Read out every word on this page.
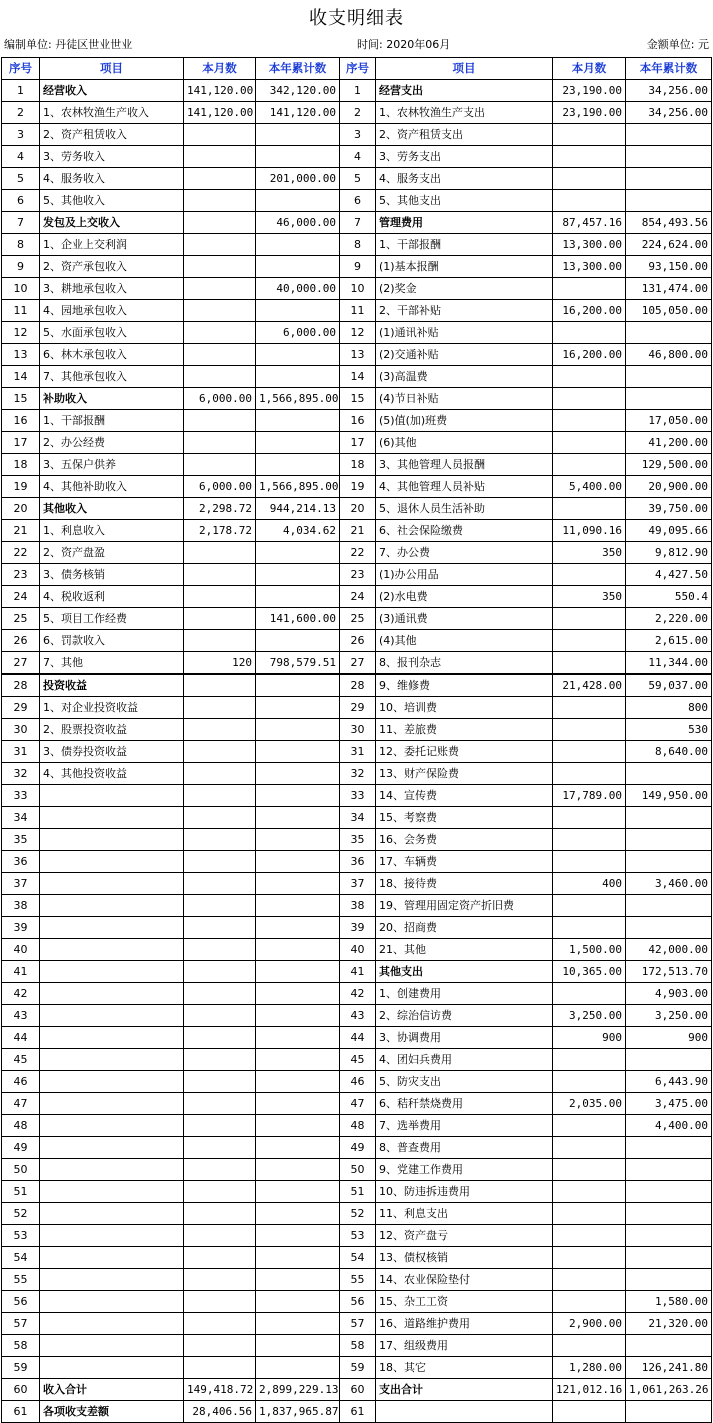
收支明细表
编制单位: 丹徒区世业世业	时间: 2020年06月	金额单位: 元
序号	项目	本月数	本年累计数	序号	项目	本月数	本年累计数
1	经营收入	141,120.00	342,120.00	1	经营支出	23,190.00	34,256.00
2	1、农林牧渔生产收入	141,120.00	141,120.00	2	1、农林牧渔生产支出	23,190.00	34,256.00
3	2、资产租赁收入			3	2、资产租赁支出		
4	3、劳务收入			4	3、劳务支出		
5	4、服务收入		201,000.00	5	4、服务支出		
6	5、其他收入			6	5、其他支出		
7	发包及上交收入		46,000.00	7	管理费用	87,457.16	854,493.56
8	1、企业上交利润			8	1、干部报酬	13,300.00	224,624.00
9	2、资产承包收入			9	(1)基本报酬	13,300.00	93,150.00
10	3、耕地承包收入		40,000.00	10	(2)奖金		131,474.00
11	4、园地承包收入			11	2、干部补贴	16,200.00	105,050.00
12	5、水面承包收入		6,000.00	12	(1)通讯补贴		
13	6、林木承包收入			13	(2)交通补贴	16,200.00	46,800.00
14	7、其他承包收入			14	(3)高温费		
15	补助收入	6,000.00	1,566,895.00	15	(4)节日补贴		
16	1、干部报酬			16	(5)值(加)班费		17,050.00
17	2、办公经费			17	(6)其他		41,200.00
18	3、五保户供养			18	3、其他管理人员报酬		129,500.00
19	4、其他补助收入	6,000.00	1,566,895.00	19	4、其他管理人员补贴	5,400.00	20,900.00
20	其他收入	2,298.72	944,214.13	20	5、退休人员生活补助		39,750.00
21	1、利息收入	2,178.72	4,034.62	21	6、社会保险缴费	11,090.16	49,095.66
22	2、资产盘盈			22	7、办公费	350	9,812.90
23	3、债务核销			23	(1)办公用品		4,427.50
24	4、税收返利			24	(2)水电费	350	550.4
25	5、项目工作经费		141,600.00	25	(3)通讯费		2,220.00
26	6、罚款收入			26	(4)其他		2,615.00
27	7、其他	120	798,579.51	27	8、报刊杂志		11,344.00
28	投资收益			28	9、维修费	21,428.00	59,037.00
29	1、对企业投资收益			29	10、培训费		800
30	2、股票投资收益			30	11、差旅费		530
31	3、债券投资收益			31	12、委托记账费		8,640.00
32	4、其他投资收益			32	13、财产保险费		
33				33	14、宣传费	17,789.00	149,950.00
34				34	15、考察费		
35				35	16、会务费		
36				36	17、车辆费		
37				37	18、接待费	400	3,460.00
38				38	19、管理用固定资产折旧费		
39				39	20、招商费		
40				40	21、其他	1,500.00	42,000.00
41				41	其他支出	10,365.00	172,513.70
42				42	1、创建费用		4,903.00
43				43	2、综治信访费	3,250.00	3,250.00
44				44	3、协调费用	900	900
45				45	4、团妇兵费用		
46				46	5、防灾支出		6,443.90
47				47	6、秸秆禁烧费用	2,035.00	3,475.00
48				48	7、选举费用		4,400.00
49				49	8、普查费用		
50				50	9、党建工作费用		
51				51	10、防违拆违费用		
52				52	11、利息支出		
53				53	12、资产盘亏		
54				54	13、债权核销		
55				55	14、农业保险垫付		
56				56	15、杂工工资		1,580.00
57				57	16、道路维护费用	2,900.00	21,320.00
58				58	17、组级费用		
59				59	18、其它	1,280.00	126,241.80
60	收入合计	149,418.72	2,899,229.13	60	支出合计	121,012.16	1,061,263.26
61	各项收支差额	28,406.56	1,837,965.87	61			
